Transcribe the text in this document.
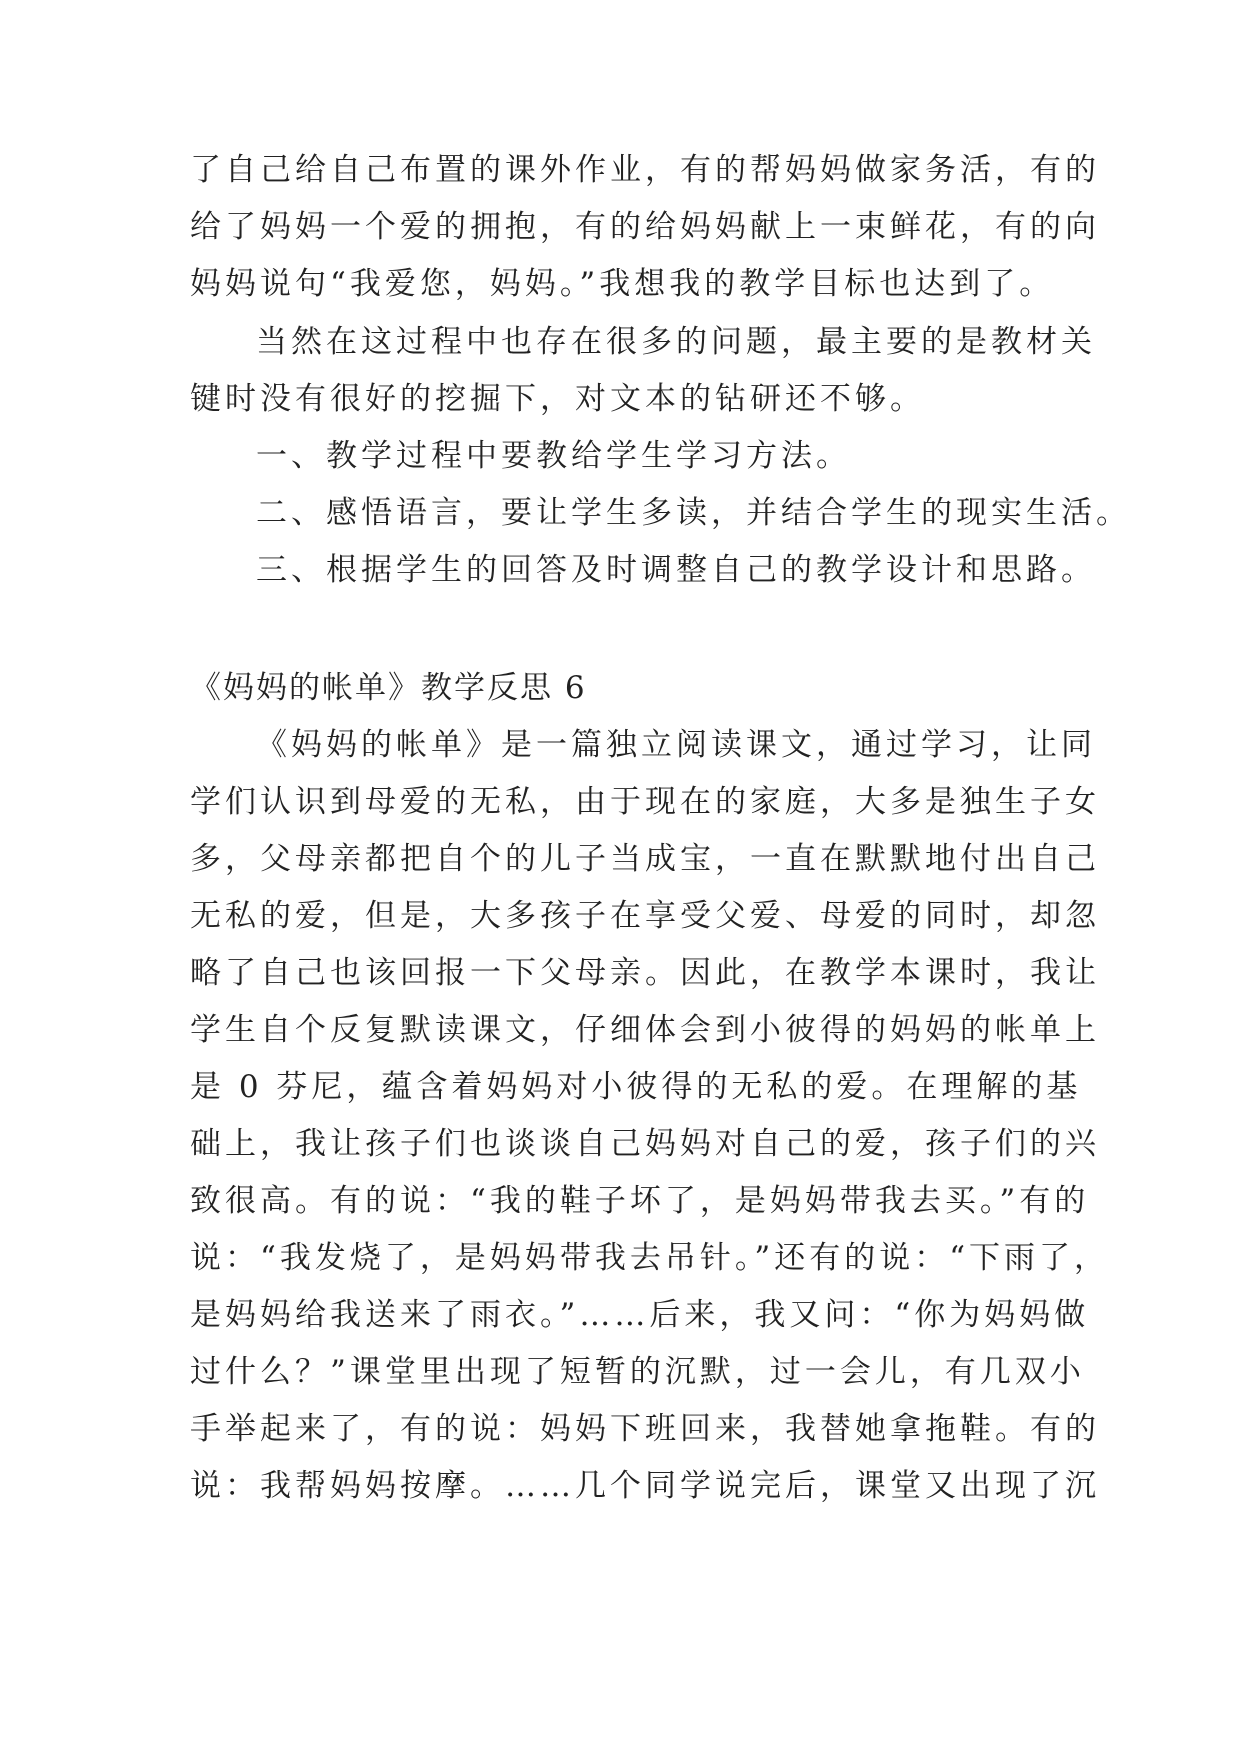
了自己给自己布置的课外作业，有的帮妈妈做家务活，有的
给了妈妈一个爱的拥抱，有的给妈妈献上一束鲜花，有的向
妈妈说句“我爱您，妈妈。”我想我的教学目标也达到了。
当然在这过程中也存在很多的问题，最主要的是教材关
键时没有很好的挖掘下，对文本的钻研还不够。
一、教学过程中要教给学生学习方法。
二、感悟语言，要让学生多读，并结合学生的现实生活。
三、根据学生的回答及时调整自己的教学设计和思路。
《妈妈的帐单》教学反思 6
《妈妈的帐单》是一篇独立阅读课文，通过学习，让同
学们认识到母爱的无私，由于现在的家庭，大多是独生子女
多，父母亲都把自个的儿子当成宝，一直在默默地付出自己
无私的爱，但是，大多孩子在享受父爱、母爱的同时，却忽
略了自己也该回报一下父母亲。因此，在教学本课时，我让
学生自个反复默读课文，仔细体会到小彼得的妈妈的帐单上
是 0 芬尼，蕴含着妈妈对小彼得的无私的爱。在理解的基
础上，我让孩子们也谈谈自己妈妈对自己的爱，孩子们的兴
致很高。有的说：“我的鞋子坏了，是妈妈带我去买。”有的
说：“我发烧了，是妈妈带我去吊针。”还有的说：“下雨了，
是妈妈给我送来了雨衣。”……后来，我又问：“你为妈妈做
过什么？”课堂里出现了短暂的沉默，过一会儿，有几双小
手举起来了，有的说：妈妈下班回来，我替她拿拖鞋。有的
说：我帮妈妈按摩。……几个同学说完后，课堂又出现了沉
